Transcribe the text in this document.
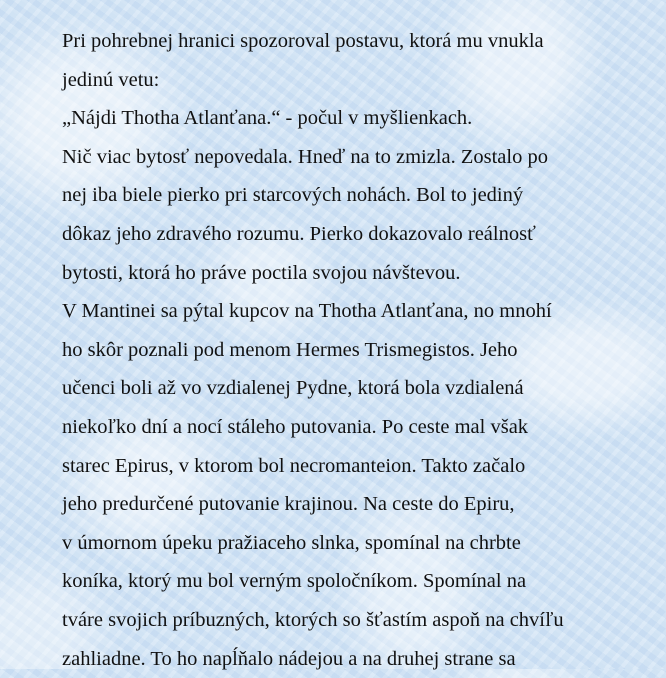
Pri pohrebnej hranici spozoroval postavu, ktorá mu vnukla

jedinú vetu:

„Nájdi Thotha Atlanťana.“ - počul v myšlienkach.

Nič viac bytosť nepovedala. Hneď na to zmizla. Zostalo po

nej iba biele pierko pri starcových nohách. Bol to jediný

dôkaz jeho zdravého rozumu. Pierko dokazovalo reálnosť

bytosti, ktorá ho práve poctila svojou návštevou.

V Mantinei sa pýtal kupcov na Thotha Atlanťana, no mnohí

ho skôr poznali pod menom Hermes Trismegistos. Jeho

učenci boli až vo vzdialenej Pydne, ktorá bola vzdialená

niekoľko dní a nocí stáleho putovania. Po ceste mal však

starec Epirus, v ktorom bol necromanteion. Takto začalo

jeho predurčené putovanie krajinou. Na ceste do Epiru,

v úmornom úpeku pražiaceho slnka, spomínal na chrbte

koníka, ktorý mu bol verným spoločníkom. Spomínal na

tváre svojich príbuzných, ktorých so šťastím aspoň na chvíľu

zahliadne. To ho napĺňalo nádejou a na druhej strane sa
